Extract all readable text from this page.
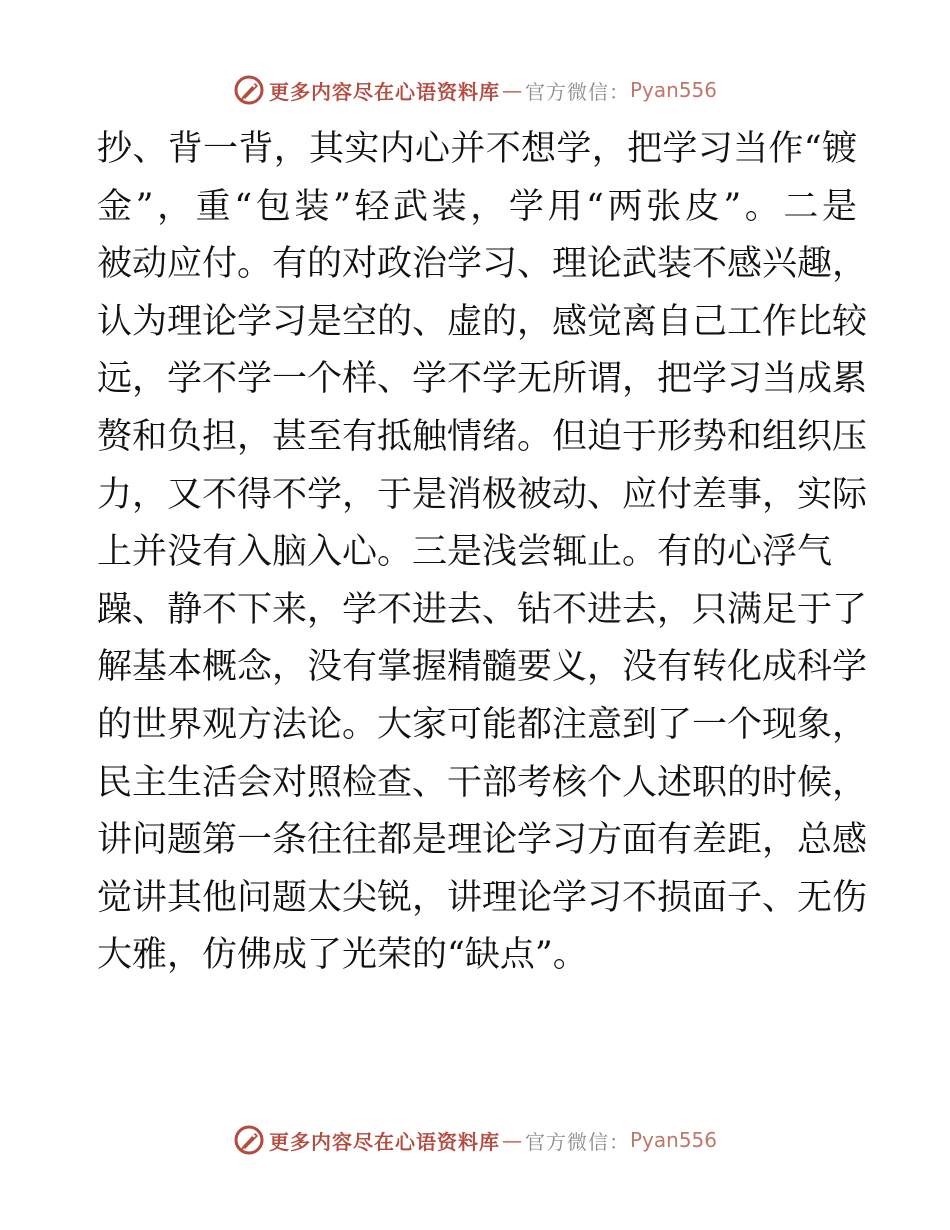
更多内容尽在心语资料库 — 官方微信： Pyan556
抄、背一背，其实内心并不想学，把学习当作“镀
金”，重“包装”轻武装，学用“两张皮”。二是
被动应付。有的对政治学习、理论武装不感兴趣，
认为理论学习是空的、虚的，感觉离自己工作比较
远，学不学一个样、学不学无所谓，把学习当成累
赘和负担，甚至有抵触情绪。但迫于形势和组织压
力，又不得不学，于是消极被动、应付差事，实际
上并没有入脑入心。三是浅尝辄止。有的心浮气
躁、静不下来，学不进去、钻不进去，只满足于了
解基本概念，没有掌握精髓要义，没有转化成科学
的世界观方法论。大家可能都注意到了一个现象，
民主生活会对照检查、干部考核个人述职的时候，
讲问题第一条往往都是理论学习方面有差距，总感
觉讲其他问题太尖锐，讲理论学习不损面子、无伤
大雅，仿佛成了光荣的“缺点”。
更多内容尽在心语资料库 — 官方微信： Pyan556
